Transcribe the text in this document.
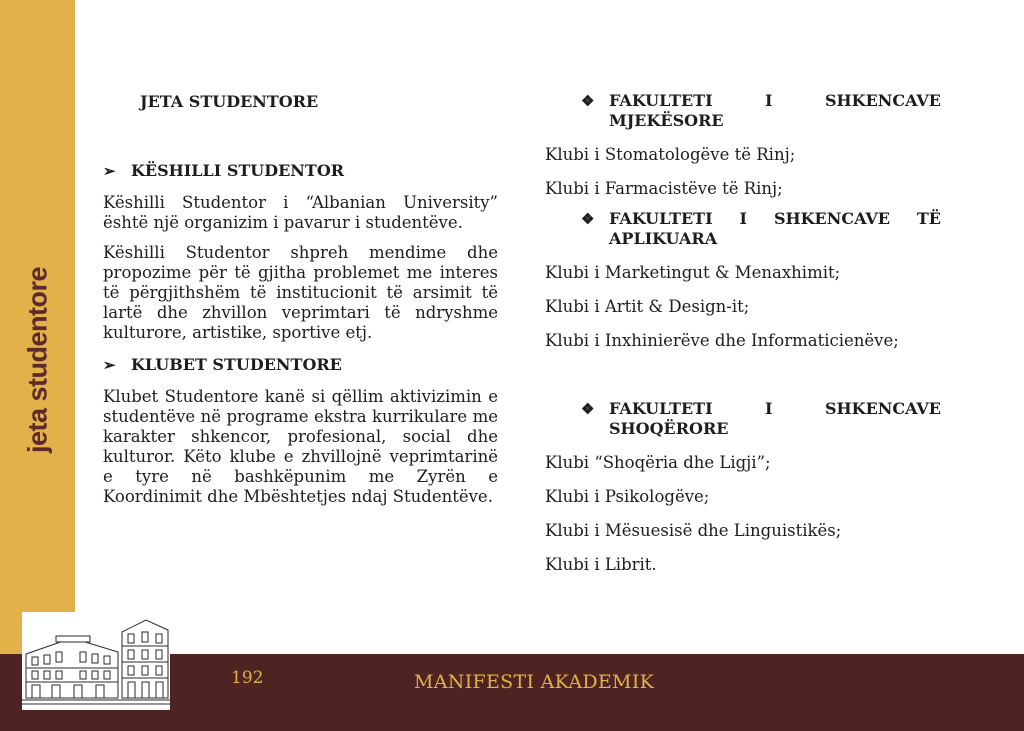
jeta studentore
JETA STUDENTORE
➢ KËSHILLI STUDENTOR

Këshilli Studentor i “Albanian University” është një organizim i pavarur i studentëve.

Këshilli Studentor shpreh mendime dhe propozime për të gjitha problemet me interes të përgjithshëm të institucionit të arsimit të lartë dhe zhvillon veprimtari të ndryshme kulturore, artistike, sportive etj.

➢ KLUBET STUDENTORE

Klubet Studentore kanë si qëllim aktivizimin e studentëve në programe ekstra kurrikulare me karakter shkencor, profesional, social dhe kulturor. Këto klube e zhvillojnë veprimtarinë e tyre në bashkëpunim me Zyrën e Koordinimit dhe Mbështetjes ndaj Studentëve.

❖ FAKULTETI I SHKENCAVE MJEKËSORE

Klubi i Stomatologëve të Rinj;

Klubi i Farmacistëve të Rinj;

❖ FAKULTETI I SHKENCAVE TË APLIKUARA

Klubi i Marketingut & Menaxhimit;

Klubi i Artit & Design-it;

Klubi i Inxhinierëve dhe Informaticienëve;

❖ FAKULTETI I SHKENCAVE SHOQËRORE

Klubi “Shoqëria dhe Ligji”;

Klubi i Psikologëve;

Klubi i Mësuesisë dhe Linguistikës;

Klubi i Librit.

192	MANIFESTI AKADEMIK
